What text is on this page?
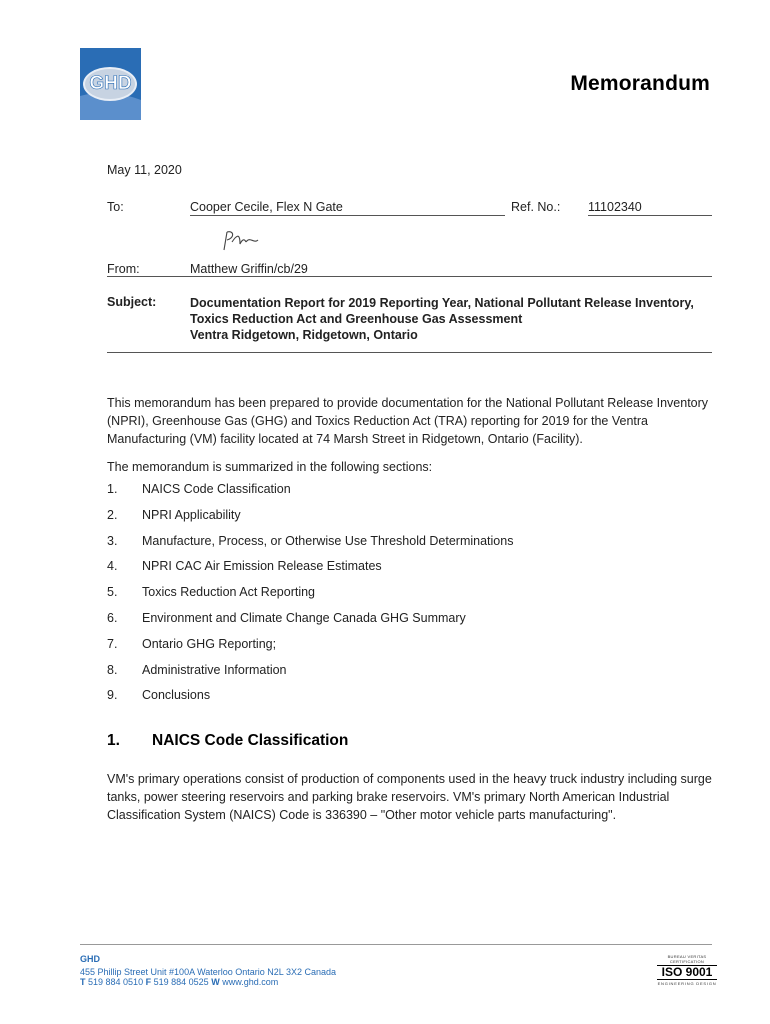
GHD	Memorandum
May 11, 2020
To:	Cooper Cecile, Flex N Gate	Ref. No.: 11102340
From:	Matthew Griffin/cb/29
Subject:	Documentation Report for 2019 Reporting Year, National Pollutant Release Inventory,
Toxics Reduction Act and Greenhouse Gas Assessment
Ventra Ridgetown, Ridgetown, Ontario
This memorandum has been prepared to provide documentation for the National Pollutant Release Inventory (NPRI), Greenhouse Gas (GHG) and Toxics Reduction Act (TRA) reporting for 2019 for the Ventra Manufacturing (VM) facility located at 74 Marsh Street in Ridgetown, Ontario (Facility).
The memorandum is summarized in the following sections:
1.	NAICS Code Classification
2.	NPRI Applicability
3.	Manufacture, Process, or Otherwise Use Threshold Determinations
4.	NPRI CAC Air Emission Release Estimates
5.	Toxics Reduction Act Reporting
6.	Environment and Climate Change Canada GHG Summary
7.	Ontario GHG Reporting;
8.	Administrative Information
9.	Conclusions
1. NAICS Code Classification
VM's primary operations consist of production of components used in the heavy truck industry including surge tanks, power steering reservoirs and parking brake reservoirs. VM's primary North American Industrial Classification System (NAICS) Code is 336390 – "Other motor vehicle parts manufacturing".
GHD
455 Phillip Street Unit #100A Waterloo Ontario N2L 3X2 Canada
T 519 884 0510 F 519 884 0525 W www.ghd.com
BUREAU VERITAS CERTIFICATION
ISO 9001
ENGINEERING DESIGN
